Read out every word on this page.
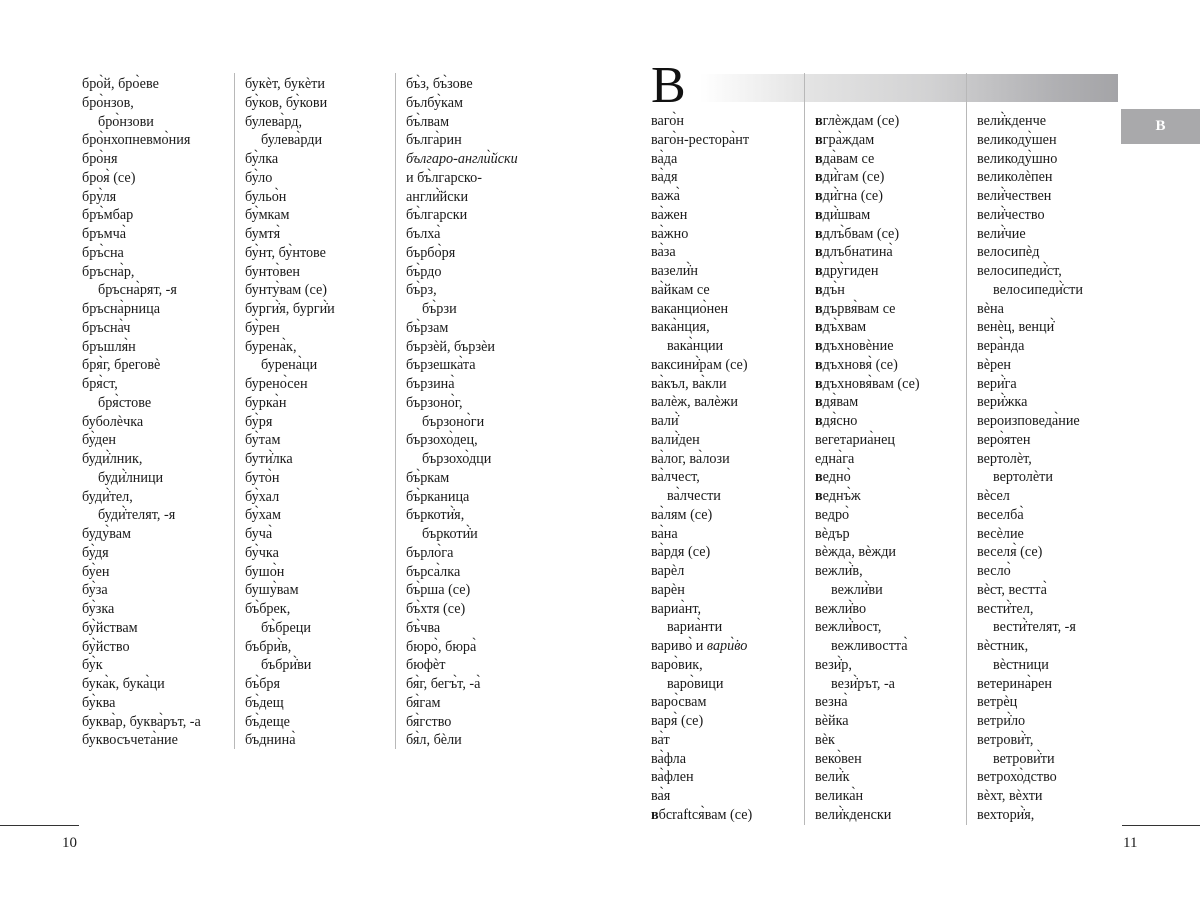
бро̀й, бро̀еве
бро̀нзов,
бро̀нзови
бро̀нхопневмо̀ния
бро̀ня
броя̀ (се)
бру̀ля
бръ̀мбар
бръмча̀
бръ̀сна
бръсна̀р,
бръсна̀рят, -я
бръсна̀рница
бръсна̀ч
бръшля̀н
бря̀г, бреговѐ
бря̀ст,
бря̀стове
буболѐчка
бу̀ден
буди̇̀лник,
буди̇̀лници
буди̇̀тел,
буди̇̀телят, -я
буду̀вам
бу̀дя
бу̀ен
бу̀за
бу̀зка
бу̀йствам
бу̀йство
бу̀к
бука̀к, бука̀ци
бу̀ква
буква̀р, буква̀рът, -а
буквосъчета̀ние
букѐт, букѐти
бу̀ков, бу̀кови
булева̀рд,
булева̀рди
бу̀лка
бу̀ло
бульо̀н
бу̀мкам
бумтя̀
бу̀нт, бу̀нтове
бунто̀вен
бунту̀вам (се)
бурги̇̀я, бурги̇̀и
бу̀рен
бурена̀к,
бурена̀ци
бурено̀сен
бурка̀н
бу̀ря
бу̀там
бути̇̀лка
буто̀н
бу̀хал
бу̀хам
буча̀
бу̀чка
бушо̀н
бушу̀вам
бъ̀брек,
бъ̀бреци
бъбри̇̀в,
бъбри̇̀ви
бъ̀бря
бъ̀дещ
бъ̀деще
бъднина̀
бъ̀з, бъ̀зове
бълбу̀кам
бъ̀лвам
бълга̀рин
българо-англи̇̀йски
и бъ̀лгарско-
англи̇̀йски
бъ̀лгарски
бълха̀
бърбо̀ря
бъ̀рдо
бъ̀рз,
бъ̀рзи
бъ̀рзам
бързѐй, бързѐи
бързешка̀та
бързина̀
бързоно̀г,
бързоно̀ги
бързохо̀дец,
бързохо̀дци
бъ̀ркам
бъ̀рканица
бъркоти̇̀я,
бъркоти̇̀и
бърло̀га
бърса̀лка
бъ̀рша (се)
бъ̀хтя (се)
бъ̀чва
бюро̀, бюра̀
бюфѐт
бя̀г, бегъ̀т, -а̀
бя̀гам
бя̀гство
бя̀л, бѐли
10
В
В
ваго̀н
ваго̀н-рестора̀нт
ва̀да
ва̀дя
важа̀
ва̀жен
ва̀жно
ва̀за
вазели̇̀н
ва̀йкам се
ваканцио̀нен
вака̀нция,
вака̀нции
ваксини̇̀рам (се)
ва̀къл, ва̀кли
валѐж, валѐжи
вали̇̀
вали̇̀ден
ва̀лог, ва̀лози
ва̀лчест,
ва̀лчести
ва̀лям (се)
ва̀на
ва̀рдя (се)
варѐл
варѐн
вариа̀нт,
вариа̀нти
вариво̀ и вари̇̀во
варо̀вик,
варо̀вици
варо̀свам
варя̀ (се)
ва̀т
ва̀фла
ва̀флен
ва̀я
вбcraftся̀вам (се)
вглѐждам (се)
вгра̀ждам
вда̀вам се
вди̇̀гам (се)
вди̇̀гна (се)
вди̇̀швам
вдлъ̀бвам (се)
вдлъбнатина̀
вдру̀гиден
вдъ̀н
вдървя̀вам се
вдъ̀хвам
вдъхновѐние
вдъхновя̀ (се)
вдъхновя̀вам (се)
вдя̀вам
вдя̀сно
вегетариа̀нец
една̀га
ведно̀
веднъ̀ж
ведро̀
вѐдър
вѐжда, вѐжди
вежли̇̀в,
вежли̇̀ви
вежли̇̀во
вежли̇̀вост,
вежливостта̀
вези̇̀р,
вези̇̀рът, -а
везна̀
вѐйка
вѐк
веко̀вен
вели̇̀к
велика̀н
вели̇̀кденски
вели̇̀кденче
великоду̀шен
великоду̀шно
великолѐпен
вели̇̀чествен
вели̇̀чество
вели̇̀чие
велосипѐд
велосипеди̇̀ст,
велосипеди̇̀сти
вѐна
венѐц, венци̇̀
вера̀нда
вѐрен
вери̇̀га
вери̇̀жка
вероизповеда̀ние
веро̀ятен
вертолѐт,
вертолѐти
вѐсел
веселба̀
весѐлие
веселя̀ (се)
весло̀
вѐст, вестта̀
вести̇̀тел,
вести̇̀телят, -я
вѐстник,
вѐстници
ветерина̀рен
ветрѐц
ветри̇̀ло
ветрови̇̀т,
ветрови̇̀ти
ветрохо̀дство
вѐхт, вѐхти
вехтори̇̀я,
11
